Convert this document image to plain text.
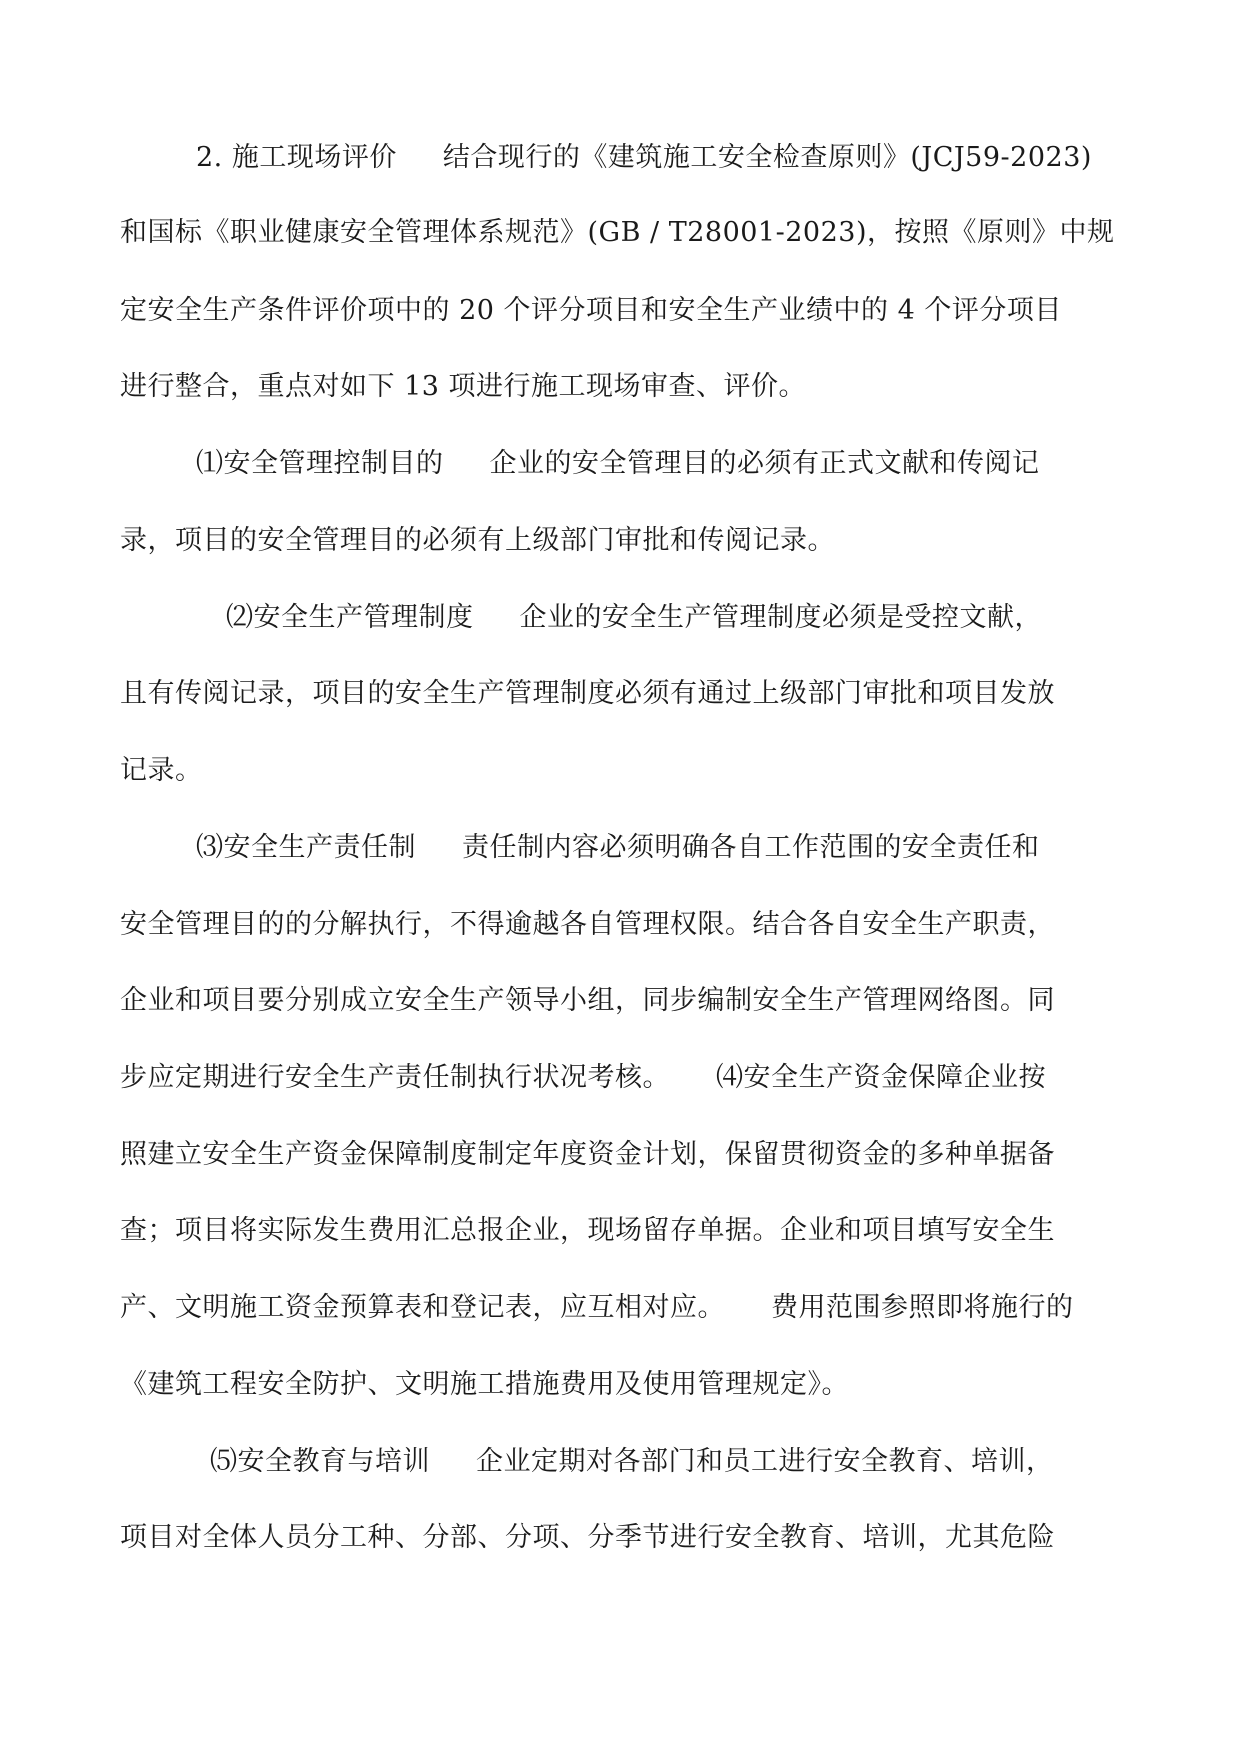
2. 施工现场评价 结合现行的《建筑施工安全检查原则》(JCJ59-2023)
和国标《职业健康安全管理体系规范》(GB / T28001-2023)，按照《原则》中规
定安全生产条件评价项中的 20 个评分项目和安全生产业绩中的 4 个评分项目
进行整合，重点对如下 13 项进行施工现场审查、评价。
⑴安全管理控制目的 企业的安全管理目的必须有正式文献和传阅记
录，项目的安全管理目的必须有上级部门审批和传阅记录。
⑵安全生产管理制度 企业的安全生产管理制度必须是受控文献，
且有传阅记录，项目的安全生产管理制度必须有通过上级部门审批和项目发放
记录。
⑶安全生产责任制 责任制内容必须明确各自工作范围的安全责任和
安全管理目的的分解执行，不得逾越各自管理权限。结合各自安全生产职责，
企业和项目要分别成立安全生产领导小组，同步编制安全生产管理网络图。同
步应定期进行安全生产责任制执行状况考核。 ⑷安全生产资金保障企业按
照建立安全生产资金保障制度制定年度资金计划，保留贯彻资金的多种单据备
查；项目将实际发生费用汇总报企业，现场留存单据。企业和项目填写安全生
产、文明施工资金预算表和登记表，应互相对应。 费用范围参照即将施行的
《建筑工程安全防护、文明施工措施费用及使用管理规定》。
⑸安全教育与培训 企业定期对各部门和员工进行安全教育、培训，
项目对全体人员分工种、分部、分项、分季节进行安全教育、培训，尤其危险
